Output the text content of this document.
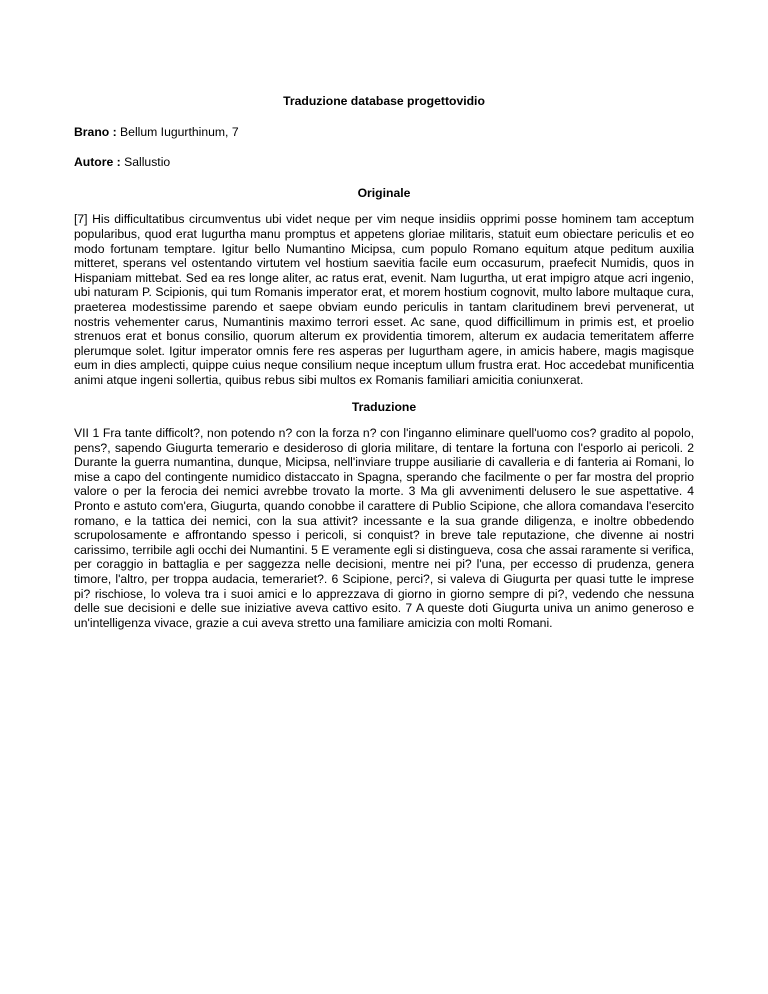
Traduzione database progettovidio
Brano : Bellum Iugurthinum, 7
Autore : Sallustio
Originale

[7] His difficultatibus circumventus ubi videt neque per vim neque insidiis opprimi posse hominem tam acceptum popularibus, quod erat Iugurtha manu promptus et appetens gloriae militaris, statuit eum obiectare periculis et eo modo fortunam temptare. Igitur bello Numantino Micipsa, cum populo Romano equitum atque peditum auxilia mitteret, sperans vel ostentando virtutem vel hostium saevitia facile eum occasurum, praefecit Numidis, quos in Hispaniam mittebat. Sed ea res longe aliter, ac ratus erat, evenit. Nam Iugurtha, ut erat impigro atque acri ingenio, ubi naturam P. Scipionis, qui tum Romanis imperator erat, et morem hostium cognovit, multo labore multaque cura, praeterea modestissime parendo et saepe obviam eundo periculis in tantam claritudinem brevi pervenerat, ut nostris vehementer carus, Numantinis maximo terrori esset. Ac sane, quod difficillimum in primis est, et proelio strenuos erat et bonus consilio, quorum alterum ex providentia timorem, alterum ex audacia temeritatem afferre plerumque solet. Igitur imperator omnis fere res asperas per Iugurtham agere, in amicis habere, magis magisque eum in dies amplecti, quippe cuius neque consilium neque inceptum ullum frustra erat. Hoc accedebat munificentia animi atque ingeni sollertia, quibus rebus sibi multos ex Romanis familiari amicitia coniunxerat.

Traduzione

VII 1 Fra tante difficolt?, non potendo n? con la forza n? con l'inganno eliminare quell'uomo cos? gradito al popolo, pens?, sapendo Giugurta temerario e desideroso di gloria militare, di tentare la fortuna con l'esporlo ai pericoli. 2 Durante la guerra numantina, dunque, Micipsa, nell'inviare truppe ausiliarie di cavalleria e di fanteria ai Romani, lo mise a capo del contingente numidico distaccato in Spagna, sperando che facilmente o per far mostra del proprio valore o per la ferocia dei nemici avrebbe trovato la morte. 3 Ma gli avvenimenti delusero le sue aspettative. 4 Pronto e astuto com'era, Giugurta, quando conobbe il carattere di Publio Scipione, che allora comandava l'esercito romano, e la tattica dei nemici, con la sua attivit? incessante e la sua grande diligenza, e inoltre obbedendo scrupolosamente e affrontando spesso i pericoli, si conquist? in breve tale reputazione, che divenne ai nostri carissimo, terribile agli occhi dei Numantini. 5 E veramente egli si distingueva, cosa che assai raramente si verifica, per coraggio in battaglia e per saggezza nelle decisioni, mentre nei pi? l'una, per eccesso di prudenza, genera timore, l'altro, per troppa audacia, temerariet?. 6 Scipione, perci?, si valeva di Giugurta per quasi tutte le imprese pi? rischiose, lo voleva tra i suoi amici e lo apprezzava di giorno in giorno sempre di pi?, vedendo che nessuna delle sue decisioni e delle sue iniziative aveva cattivo esito. 7 A queste doti Giugurta univa un animo generoso e un'intelligenza vivace, grazie a cui aveva stretto una familiare amicizia con molti Romani.
